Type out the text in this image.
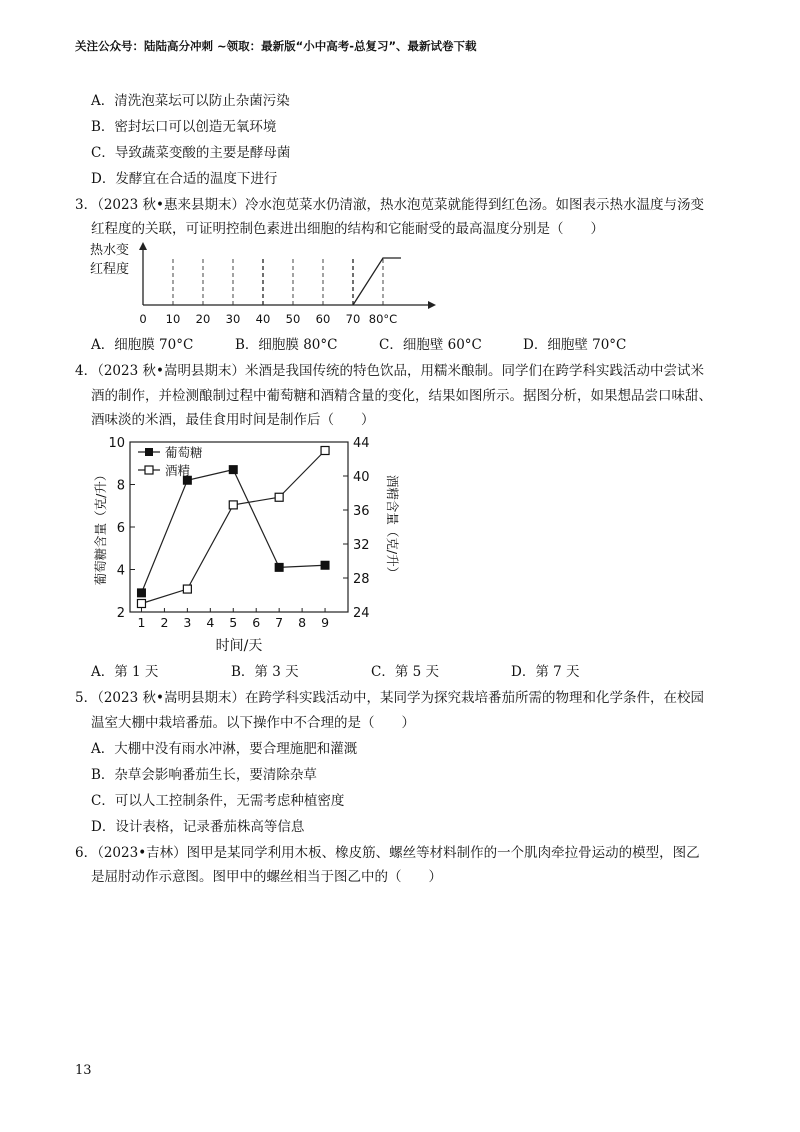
关注公众号：陆陆高分冲刺 ~领取：最新版“小中高考-总复习”、最新试卷下载
A．清洗泡菜坛可以防止杂菌污染
B．密封坛口可以创造无氧环境
C．导致蔬菜变酸的主要是酵母菌
D．发酵宜在合适的温度下进行
3．（2023 秋•惠来县期末）冷水泡苋菜水仍清澈，热水泡苋菜就能得到红色汤。如图表示热水温度与汤变
红程度的关联，可证明控制色素进出细胞的结构和它能耐受的最高温度分别是（　　）
0 10 20 30 40 50 60 70 80°C
热水变
红程度
A．细胞膜 70°C	B．细胞膜 80°C	C．细胞壁 60°C	D．细胞壁 70°C
4．（2023 秋•嵩明县期末）米酒是我国传统的特色饮品，用糯米酿制。同学们在跨学科实践活动中尝试米
酒的制作，并检测酿制过程中葡萄糖和酒精含量的变化，结果如图所示。据图分析，如果想品尝口味甜、
酒味淡的米酒，最佳食用时间是制作后（　　）
2
4
6
8
10
24
28
32
36
40
44
1 2 3 4 5 6 7 8 9
葡萄糖
酒精
时间/天
葡萄糖含量（克/升）	酒精含量（克/升）
A．第 1 天	B．第 3 天	C．第 5 天	D．第 7 天
5．（2023 秋•嵩明县期末）在跨学科实践活动中，某同学为探究栽培番茄所需的物理和化学条件，在校园
温室大棚中栽培番茄。以下操作中不合理的是（　　）
A．大棚中没有雨水冲淋，要合理施肥和灌溉
B．杂草会影响番茄生长，要清除杂草
C．可以人工控制条件，无需考虑种植密度
D．设计表格，记录番茄株高等信息
6．（2023•吉林）图甲是某同学利用木板、橡皮筋、螺丝等材料制作的一个肌肉牵拉骨运动的模型，图乙
是屈肘动作示意图。图甲中的螺丝相当于图乙中的（　　）
13
